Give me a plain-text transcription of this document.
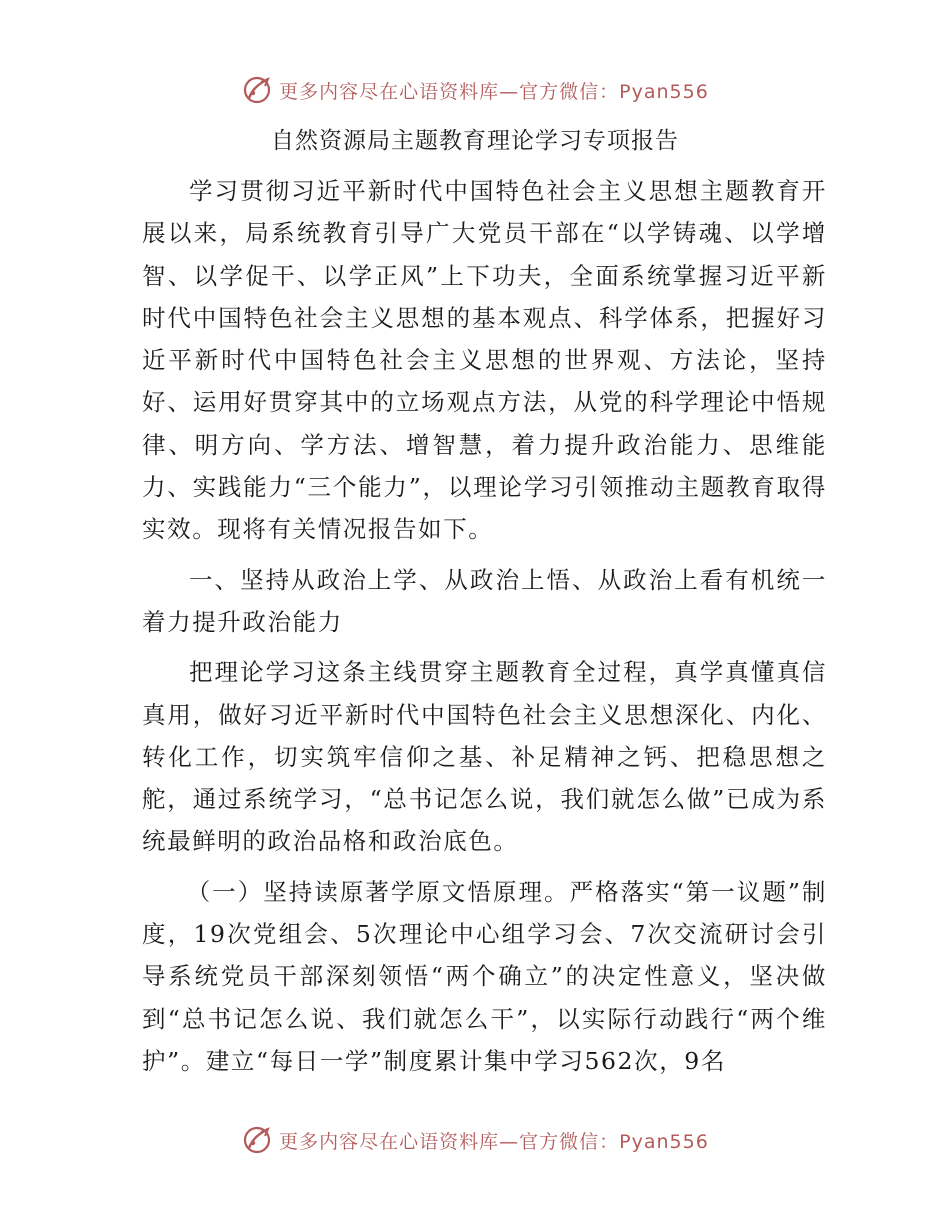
更多内容尽在心语资料库—官方微信：Pyan556
自然资源局主题教育理论学习专项报告

学习贯彻习近平新时代中国特色社会主义思想主题教育开展以来，局系统教育引导广大党员干部在“以学铸魂、以学增智、以学促干、以学正风”上下功夫，全面系统掌握习近平新时代中国特色社会主义思想的基本观点、科学体系，把握好习近平新时代中国特色社会主义思想的世界观、方法论，坚持好、运用好贯穿其中的立场观点方法，从党的科学理论中悟规律、明方向、学方法、增智慧，着力提升政治能力、思维能力、实践能力“三个能力”，以理论学习引领推动主题教育取得实效。现将有关情况报告如下。

一、坚持从政治上学、从政治上悟、从政治上看有机统一着力提升政治能力

把理论学习这条主线贯穿主题教育全过程，真学真懂真信真用，做好习近平新时代中国特色社会主义思想深化、内化、转化工作，切实筑牢信仰之基、补足精神之钙、把稳思想之舵，通过系统学习，“总书记怎么说，我们就怎么做”已成为系统最鲜明的政治品格和政治底色。

（一）坚持读原著学原文悟原理。严格落实“第一议题”制度，19次党组会、5次理论中心组学习会、7次交流研讨会引导系统党员干部深刻领悟“两个确立”的决定性意义，坚决做到“总书记怎么说、我们就怎么干”，以实际行动践行“两个维护”。建立“每日一学”制度累计集中学习562次，9名

更多内容尽在心语资料库—官方微信：Pyan556
